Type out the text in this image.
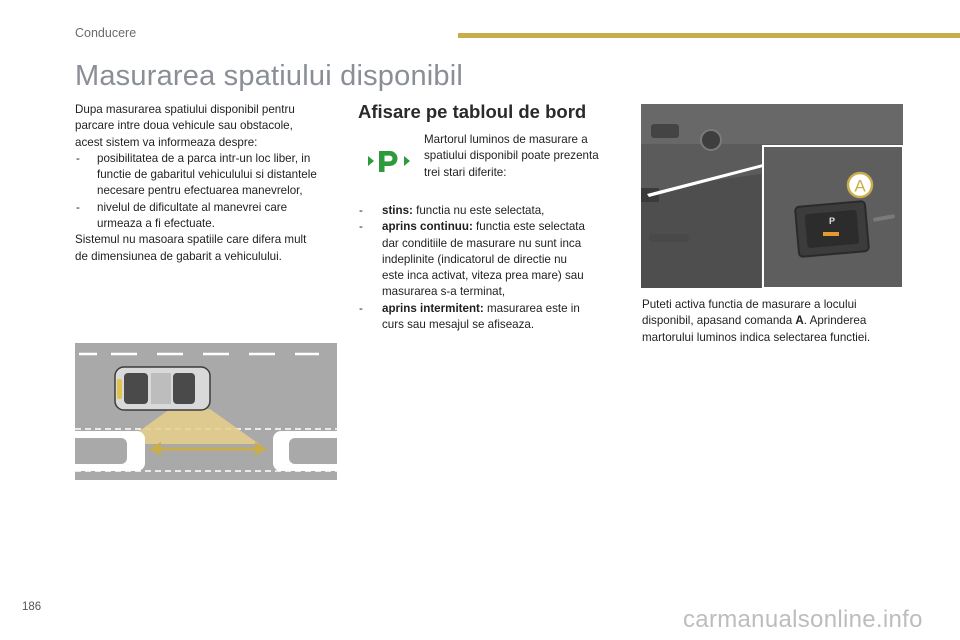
Conducere
Masurarea spatiului disponibil
Dupa masurarea spatiului disponibil pentru
parcare intre doua vehicule sau obstacole,
acest sistem va informeaza despre:
- posibilitatea de a parca intr-un loc liber, in
functie de gabaritul vehiculului si distantele
necesare pentru efectuarea manevrelor,
- nivelul de dificultate al manevrei care
urmeaza a fi efectuate.
Sistemul nu masoara spatiile care difera mult
de dimensiunea de gabarit a vehiculului.
Afisare pe tabloul de bord
Martorul luminos de masurare a
spatiului disponibil poate prezenta
trei stari diferite:
- stins: functia nu este selectata,
- aprins continuu: functia este selectata
dar conditiile de masurare nu sunt inca
indeplinite (indicatorul de directie nu
este inca activat, viteza prea mare) sau
masurarea s-a terminat,
- aprins intermitent: masurarea este in
curs sau mesajul se afiseaza.
P
A
Puteti activa functia de masurare a locului
disponibil, apasand comanda A. Aprinderea
martorului luminos indica selectarea functiei.
186	carmanualsonline.info
